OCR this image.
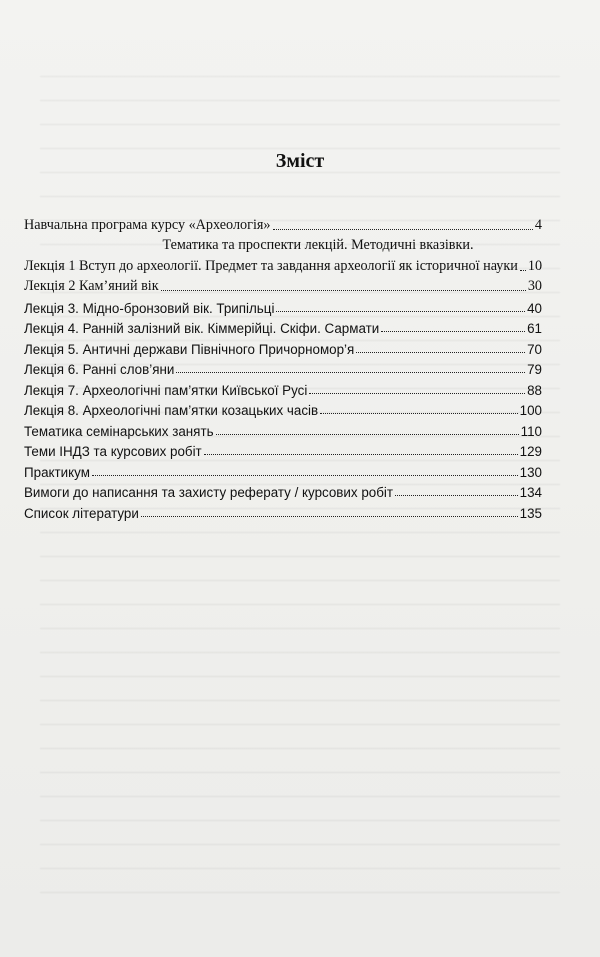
Зміст
Навчальна програма курсу «Археологія»	4
Тематика та проспекти лекцій. Методичні вказівки.
Лекція 1 Вступ до археології. Предмет та завдання археології як історичної науки 10
Лекція 2 Кам’яний вік	30
Лекція 3. Мідно-бронзовий вік. Трипільці	40
Лекція 4. Ранній залізний вік. Кіммерійці. Скіфи. Сармати	61
Лекція 5. Античні держави Північного Причорномор’я	70
Лекція 6. Ранні слов’яни	79
Лекція 7. Археологічні пам’ятки Київської Русі	88
Лекція 8. Археологічні пам’ятки козацьких часів	100
Тематика семінарських занять	110
Теми ІНДЗ та курсових робіт	129
Практикум	130
Вимоги до написання та захисту реферату / курсових робіт	134
Список літератури	135
